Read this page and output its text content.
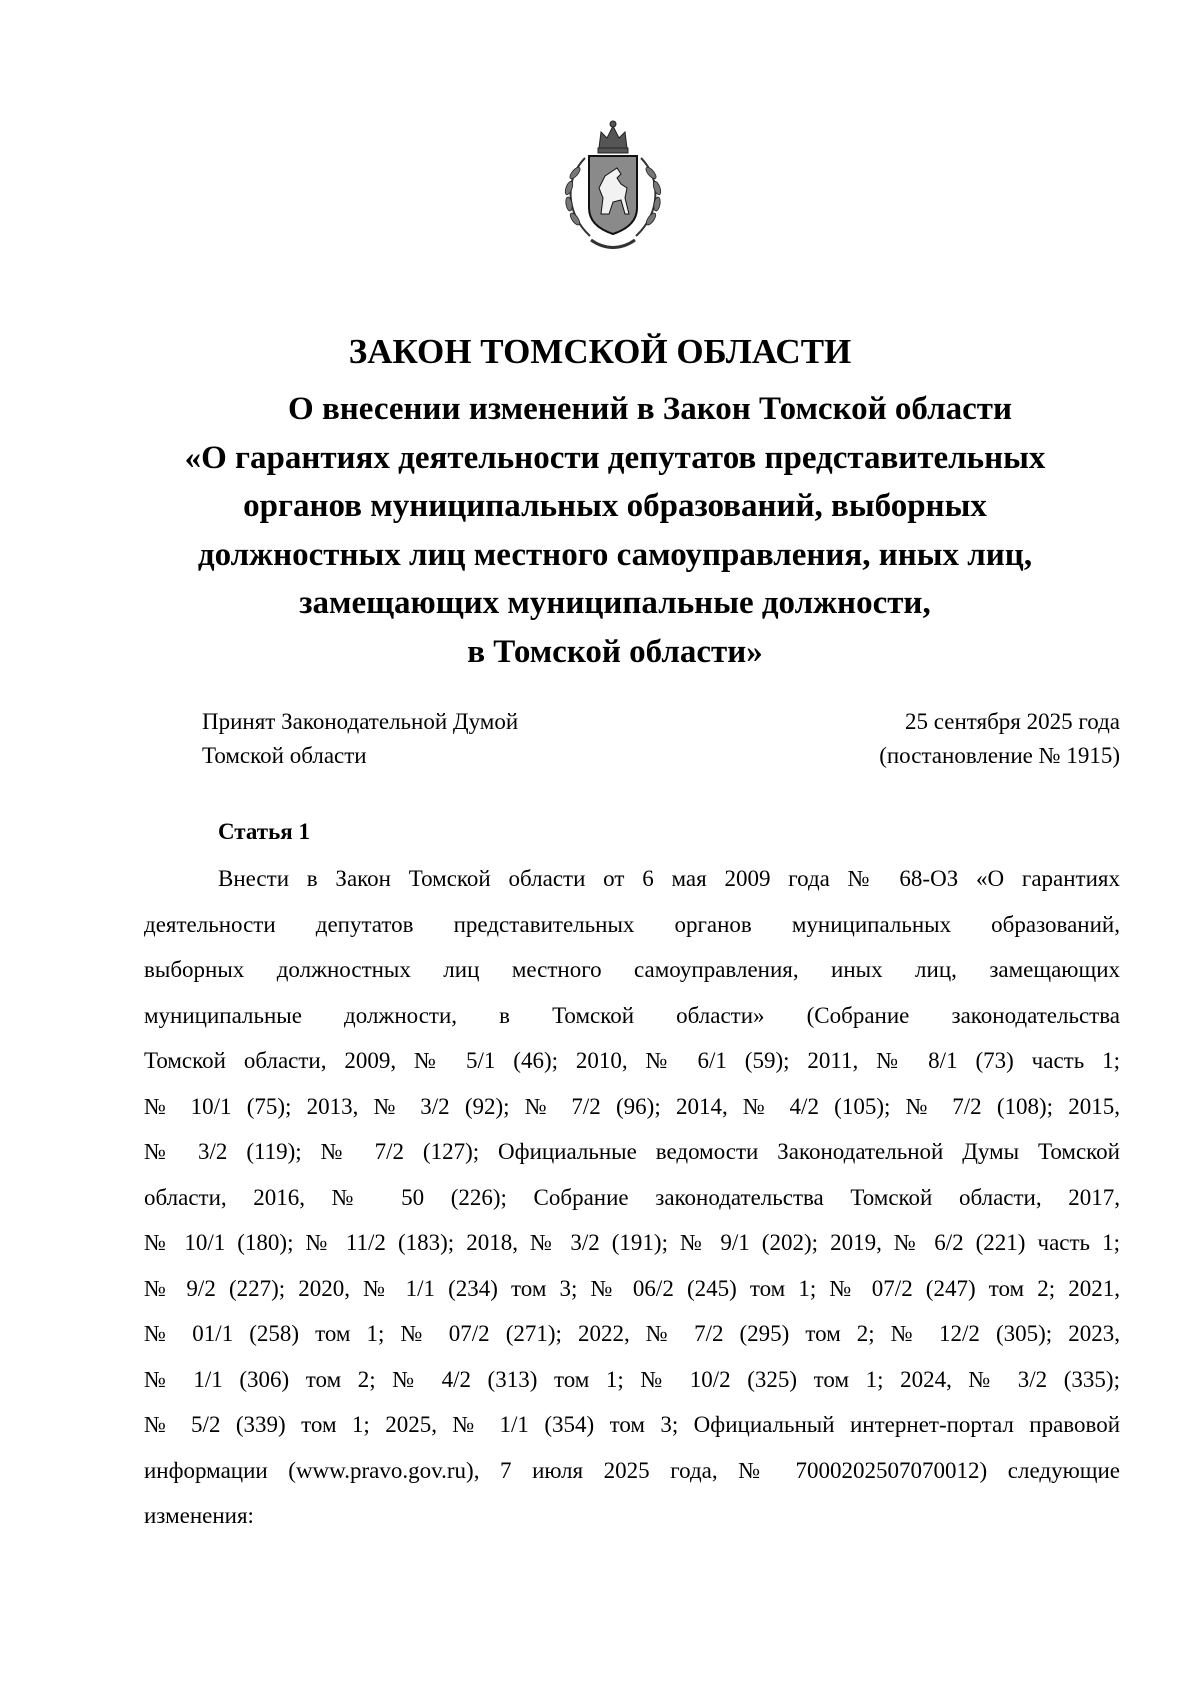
ЗАКОН ТОМСКОЙ ОБЛАСТИ
О внесении изменений в Закон Томской области
«О гарантиях деятельности депутатов представительных
органов муниципальных образований, выборных
должностных лиц местного самоуправления, иных лиц,
замещающих муниципальные должности,
в Томской области»
Принят Законодательной Думой	25 сентября 2025 года
Томской области	(постановление № 1915)
Статья 1
Внести в Закон Томской области от 6 мая 2009 года № 68-ОЗ «О гарантиях
деятельности депутатов представительных органов муниципальных образований,
выборных должностных лиц местного самоуправления, иных лиц, замещающих
муниципальные должности, в Томской области» (Собрание законодательства
Томской области, 2009, № 5/1 (46); 2010, № 6/1 (59); 2011, № 8/1 (73) часть 1;
№ 10/1 (75); 2013, № 3/2 (92); № 7/2 (96); 2014, № 4/2 (105); № 7/2 (108); 2015,
№ 3/2 (119); № 7/2 (127); Официальные ведомости Законодательной Думы Томской
области, 2016, № 50 (226); Собрание законодательства Томской области, 2017,
№ 10/1 (180); № 11/2 (183); 2018, № 3/2 (191); № 9/1 (202); 2019, № 6/2 (221) часть 1;
№ 9/2 (227); 2020, № 1/1 (234) том 3; № 06/2 (245) том 1; № 07/2 (247) том 2; 2021,
№ 01/1 (258) том 1; № 07/2 (271); 2022, № 7/2 (295) том 2; № 12/2 (305); 2023,
№ 1/1 (306) том 2; № 4/2 (313) том 1; № 10/2 (325) том 1; 2024, № 3/2 (335);
№ 5/2 (339) том 1; 2025, № 1/1 (354) том 3; Официальный интернет-портал правовой
информации (www.pravo.gov.ru), 7 июля 2025 года, № 7000202507070012) следующие
изменения:
